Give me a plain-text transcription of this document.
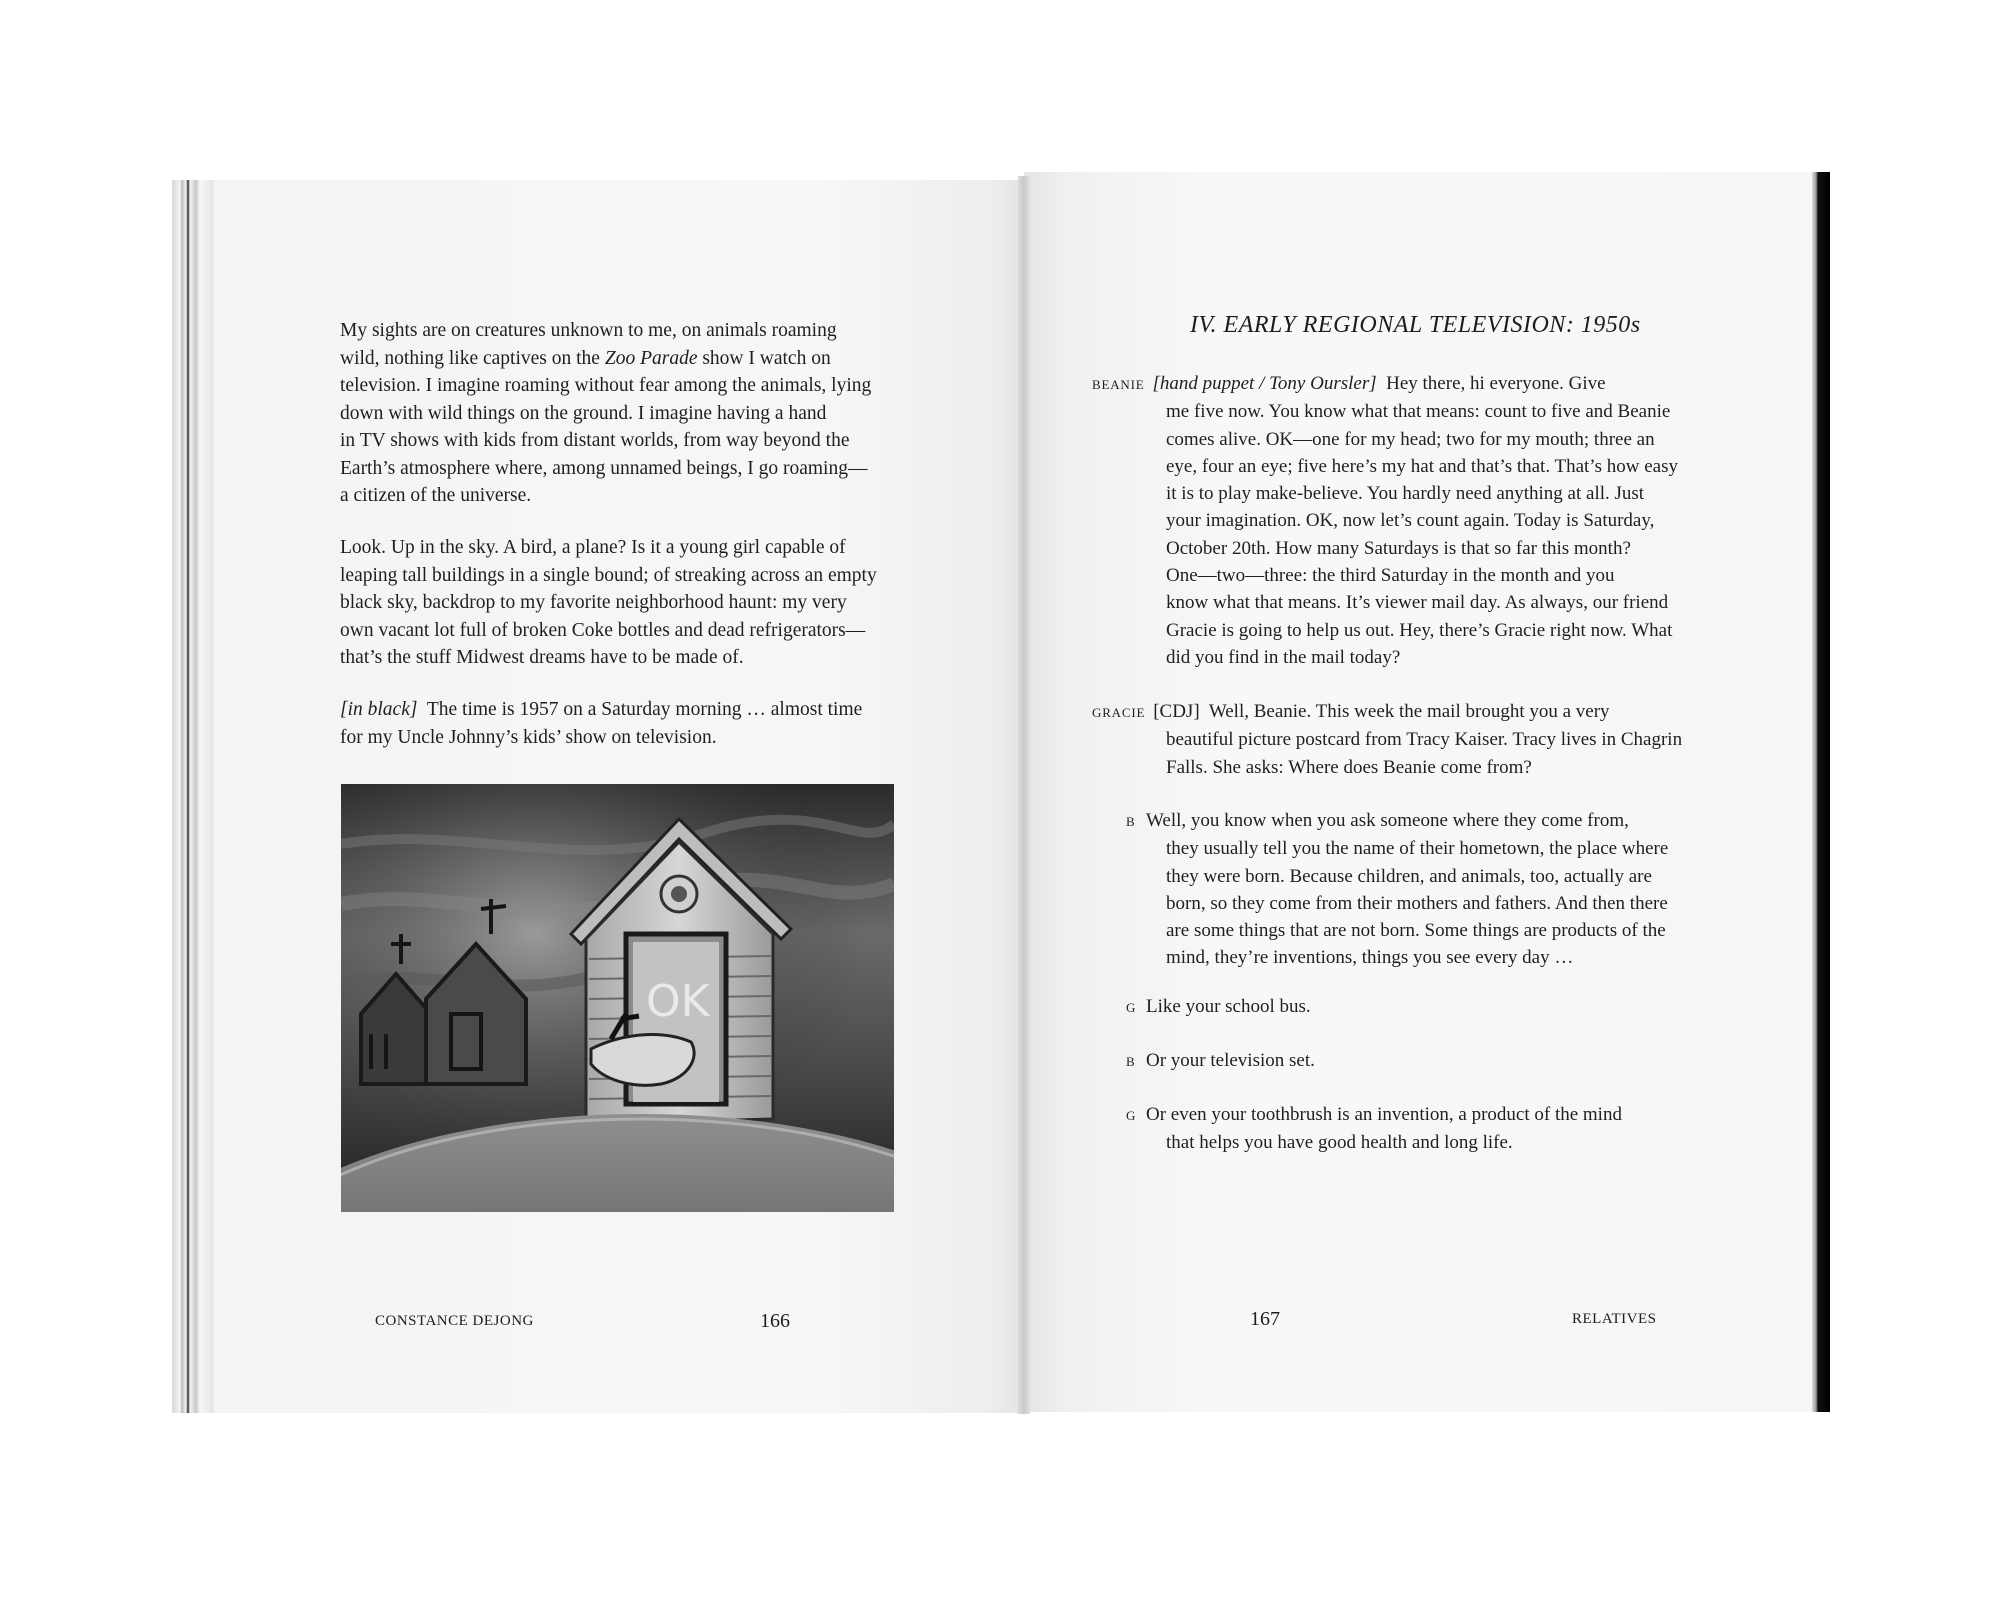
My sights are on creatures unknown to me, on animals roaming
wild, nothing like captives on the Zoo Parade show I watch on
television. I imagine roaming without fear among the animals, lying
down with wild things on the ground. I imagine having a hand
in TV shows with kids from distant worlds, from way beyond the
Earth’s atmosphere where, among unnamed beings, I go roaming—
a citizen of the universe.
Look. Up in the sky. A bird, a plane? Is it a young girl capable of
leaping tall buildings in a single bound; of streaking across an empty
black sky, backdrop to my favorite neighborhood haunt: my very
own vacant lot full of broken Coke bottles and dead refrigerators—
that’s the stuff Midwest dreams have to be made of.
[in black]  The time is 1957 on a Saturday morning … almost time
for my Uncle Johnny’s kids’ show on television.
OK
CONSTANCE DEJONG	166
IV. EARLY REGIONAL TELEVISION: 1950s
BEANIE [hand puppet / Tony Oursler] Hey there, hi everyone. Give
me five now. You know what that means: count to five and Beanie
comes alive. OK—one for my head; two for my mouth; three an
eye, four an eye; five here’s my hat and that’s that. That’s how easy
it is to play make-believe. You hardly need anything at all. Just
your imagination. OK, now let’s count again. Today is Saturday,
October 20th. How many Saturdays is that so far this month?
One—two—three: the third Saturday in the month and you
know what that means. It’s viewer mail day. As always, our friend
Gracie is going to help us out. Hey, there’s Gracie right now. What
did you find in the mail today?
GRACIE [CDJ] Well, Beanie. This week the mail brought you a very
beautiful picture postcard from Tracy Kaiser. Tracy lives in Chagrin
Falls. She asks: Where does Beanie come from?
B Well, you know when you ask someone where they come from,
they usually tell you the name of their hometown, the place where
they were born. Because children, and animals, too, actually are
born, so they come from their mothers and fathers. And then there
are some things that are not born. Some things are products of the
mind, they’re inventions, things you see every day …
G Like your school bus.
B Or your television set.
G Or even your toothbrush is an invention, a product of the mind
that helps you have good health and long life.
167	RELATIVES
